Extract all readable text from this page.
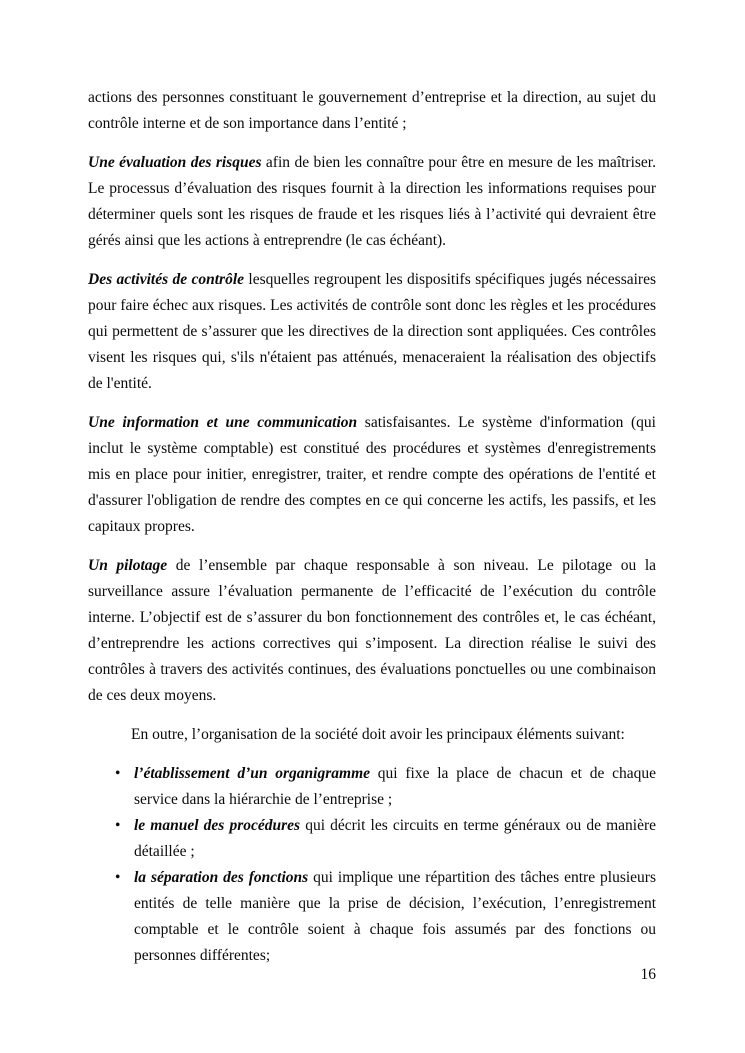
actions des personnes constituant le gouvernement d’entreprise et la direction, au sujet du contrôle interne et de son importance dans l’entité ;

Une évaluation des risques afin de bien les connaître pour être en mesure de les maîtriser. Le processus d’évaluation des risques fournit à la direction les informations requises pour déterminer quels sont les risques de fraude et les risques liés à l’activité qui devraient être gérés ainsi que les actions à entreprendre (le cas échéant).

Des activités de contrôle lesquelles regroupent les dispositifs spécifiques jugés nécessaires pour faire échec aux risques. Les activités de contrôle sont donc les règles et les procédures qui permettent de s’assurer que les directives de la direction sont appliquées. Ces contrôles visent les risques qui, s'ils n'étaient pas atténués, menaceraient la réalisation des objectifs de l'entité.

Une information et une communication satisfaisantes. Le système d'information (qui inclut le système comptable) est constitué des procédures et systèmes d'enregistrements mis en place pour initier, enregistrer, traiter, et rendre compte des opérations de l'entité et d'assurer l'obligation de rendre des comptes en ce qui concerne les actifs, les passifs, et les capitaux propres.

Un pilotage de l’ensemble par chaque responsable à son niveau. Le pilotage ou la surveillance assure l’évaluation permanente de l’efficacité de l’exécution du contrôle interne. L’objectif est de s’assurer du bon fonctionnement des contrôles et, le cas échéant, d’entreprendre les actions correctives qui s’imposent. La direction réalise le suivi des contrôles à travers des activités continues, des évaluations ponctuelles ou une combinaison de ces deux moyens.

En outre, l’organisation de la société doit avoir les principaux éléments suivant:

• l’établissement d’un organigramme qui fixe la place de chacun et de chaque service dans la hiérarchie de l’entreprise ;
• le manuel des procédures qui décrit les circuits en terme généraux ou de manière détaillée ;
• la séparation des fonctions qui implique une répartition des tâches entre plusieurs entités de telle manière que la prise de décision, l’exécution, l’enregistrement comptable et le contrôle soient à chaque fois assumés par des fonctions ou personnes différentes;
16
